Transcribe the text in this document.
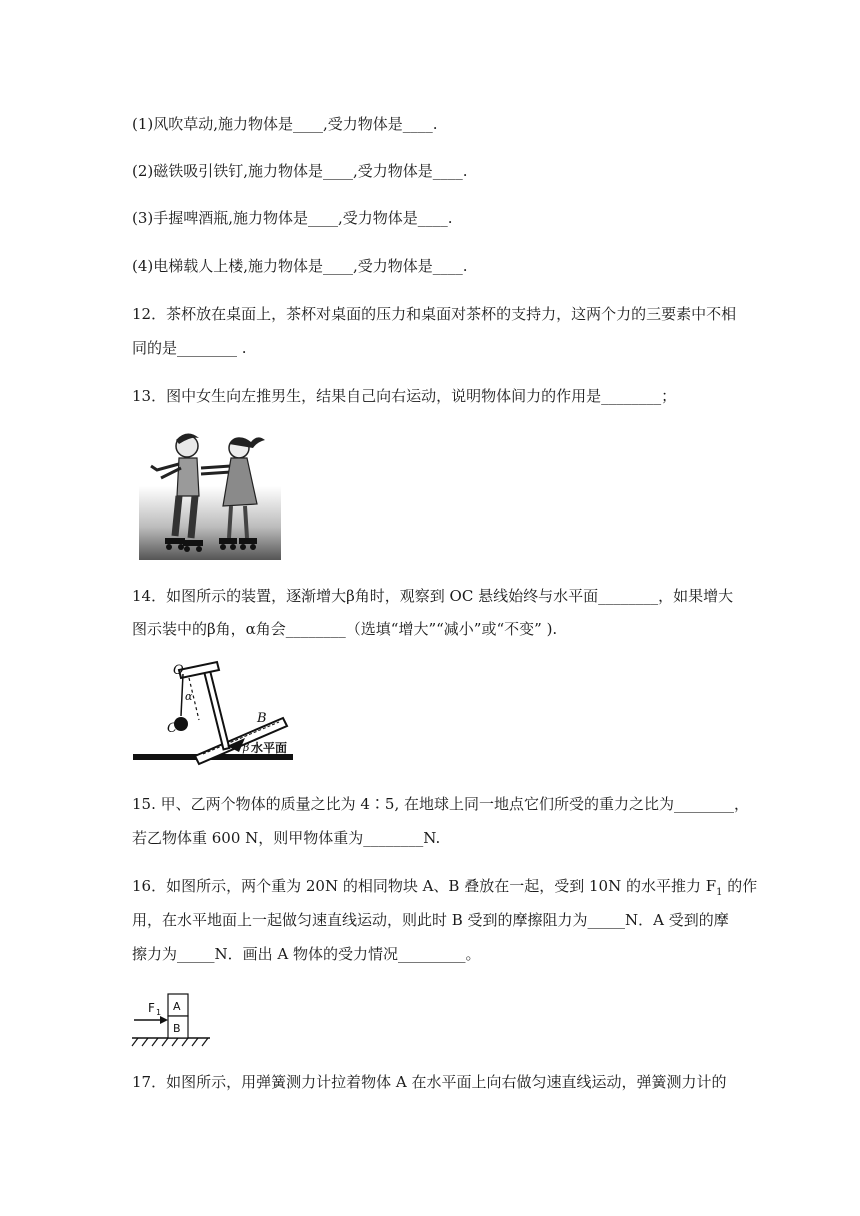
(1)风吹草动,施力物体是____,受力物体是____.
(2)磁铁吸引铁钉,施力物体是____,受力物体是____.
(3)手握啤酒瓶,施力物体是____,受力物体是____.
(4)电梯载人上楼,施力物体是____,受力物体是____.
12．茶杯放在桌面上，茶杯对桌面的压力和桌面对茶杯的支持力，这两个力的三要素中不相
同的是________ .
13．图中女生向左推男生，结果自己向右运动，说明物体间力的作用是________；
14．如图所示的装置，逐渐增大β角时，观察到 OC 悬线始终与水平面________，如果增大
图示装中的β角，α角会________（选填“增大”“减小”或“不变” ).
O
C
B
α
β 水平面
15. 甲、乙两个物体的质量之比为 4∶5, 在地球上同一地点它们所受的重力之比为________，
若乙物体重 600 N，则甲物体重为________N.
16．如图所示，两个重为 20N 的相同物块 A、B 叠放在一起，受到 10N 的水平推力 $F_1$ 的作
用，在水平地面上一起做匀速直线运动，则此时 B 受到的摩擦阻力为_____N．A 受到的摩
擦力为_____N．画出 A 物体的受力情况_________。
A
B
F 1
17．如图所示，用弹簧测力计拉着物体 A 在水平面上向右做匀速直线运动，弹簧测力计的
